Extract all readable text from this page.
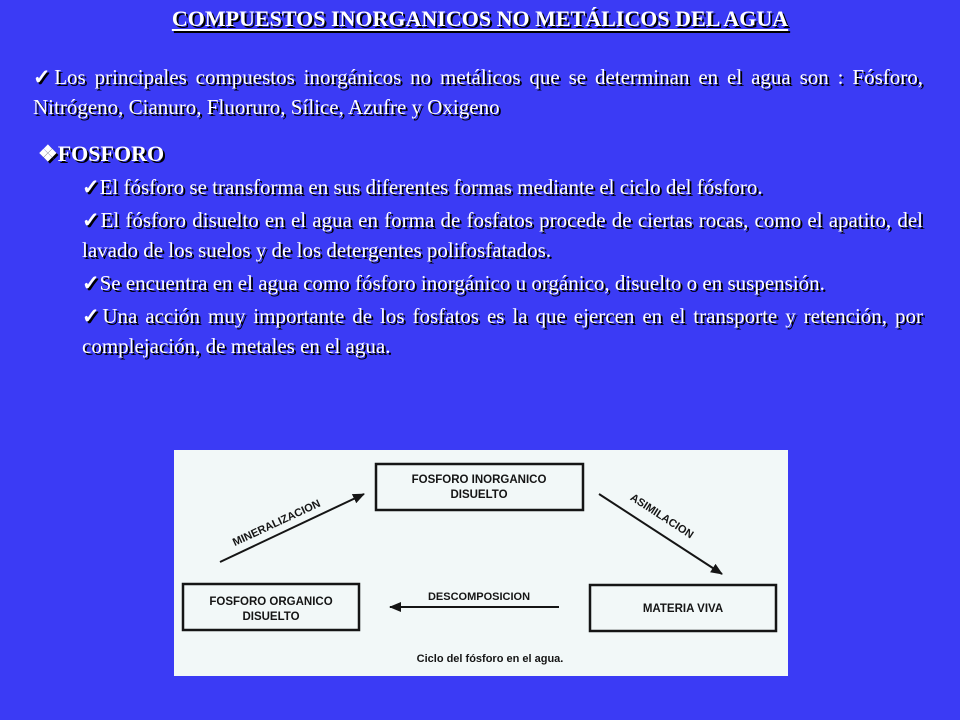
COMPUESTOS INORGANICOS NO METÁLICOS DEL AGUA
✓Los principales compuestos inorgánicos no metálicos que se determinan en el agua son : Fósforo, Nitrógeno, Cianuro, Fluoruro, Sílice, Azufre y Oxigeno
❖FOSFORO

✓El fósforo se transforma en sus diferentes formas mediante el ciclo del fósforo.

✓El fósforo disuelto en el agua en forma de fosfatos procede de ciertas rocas, como el apatito, del lavado de los suelos y de los detergentes polifosfatados.

✓Se encuentra en el agua como fósforo inorgánico u orgánico, disuelto o en suspensión.

✓Una acción muy importante de los fosfatos es la que ejercen en el transporte y retención, por complejación, de metales en el agua.

FOSFORO INORGANICO
DISUELTO
FOSFORO ORGANICO
DISUELTO
MATERIA VIVA
MINERALIZACION	ASIMILACION
DESCOMPOSICION
Ciclo del fósforo en el agua.
